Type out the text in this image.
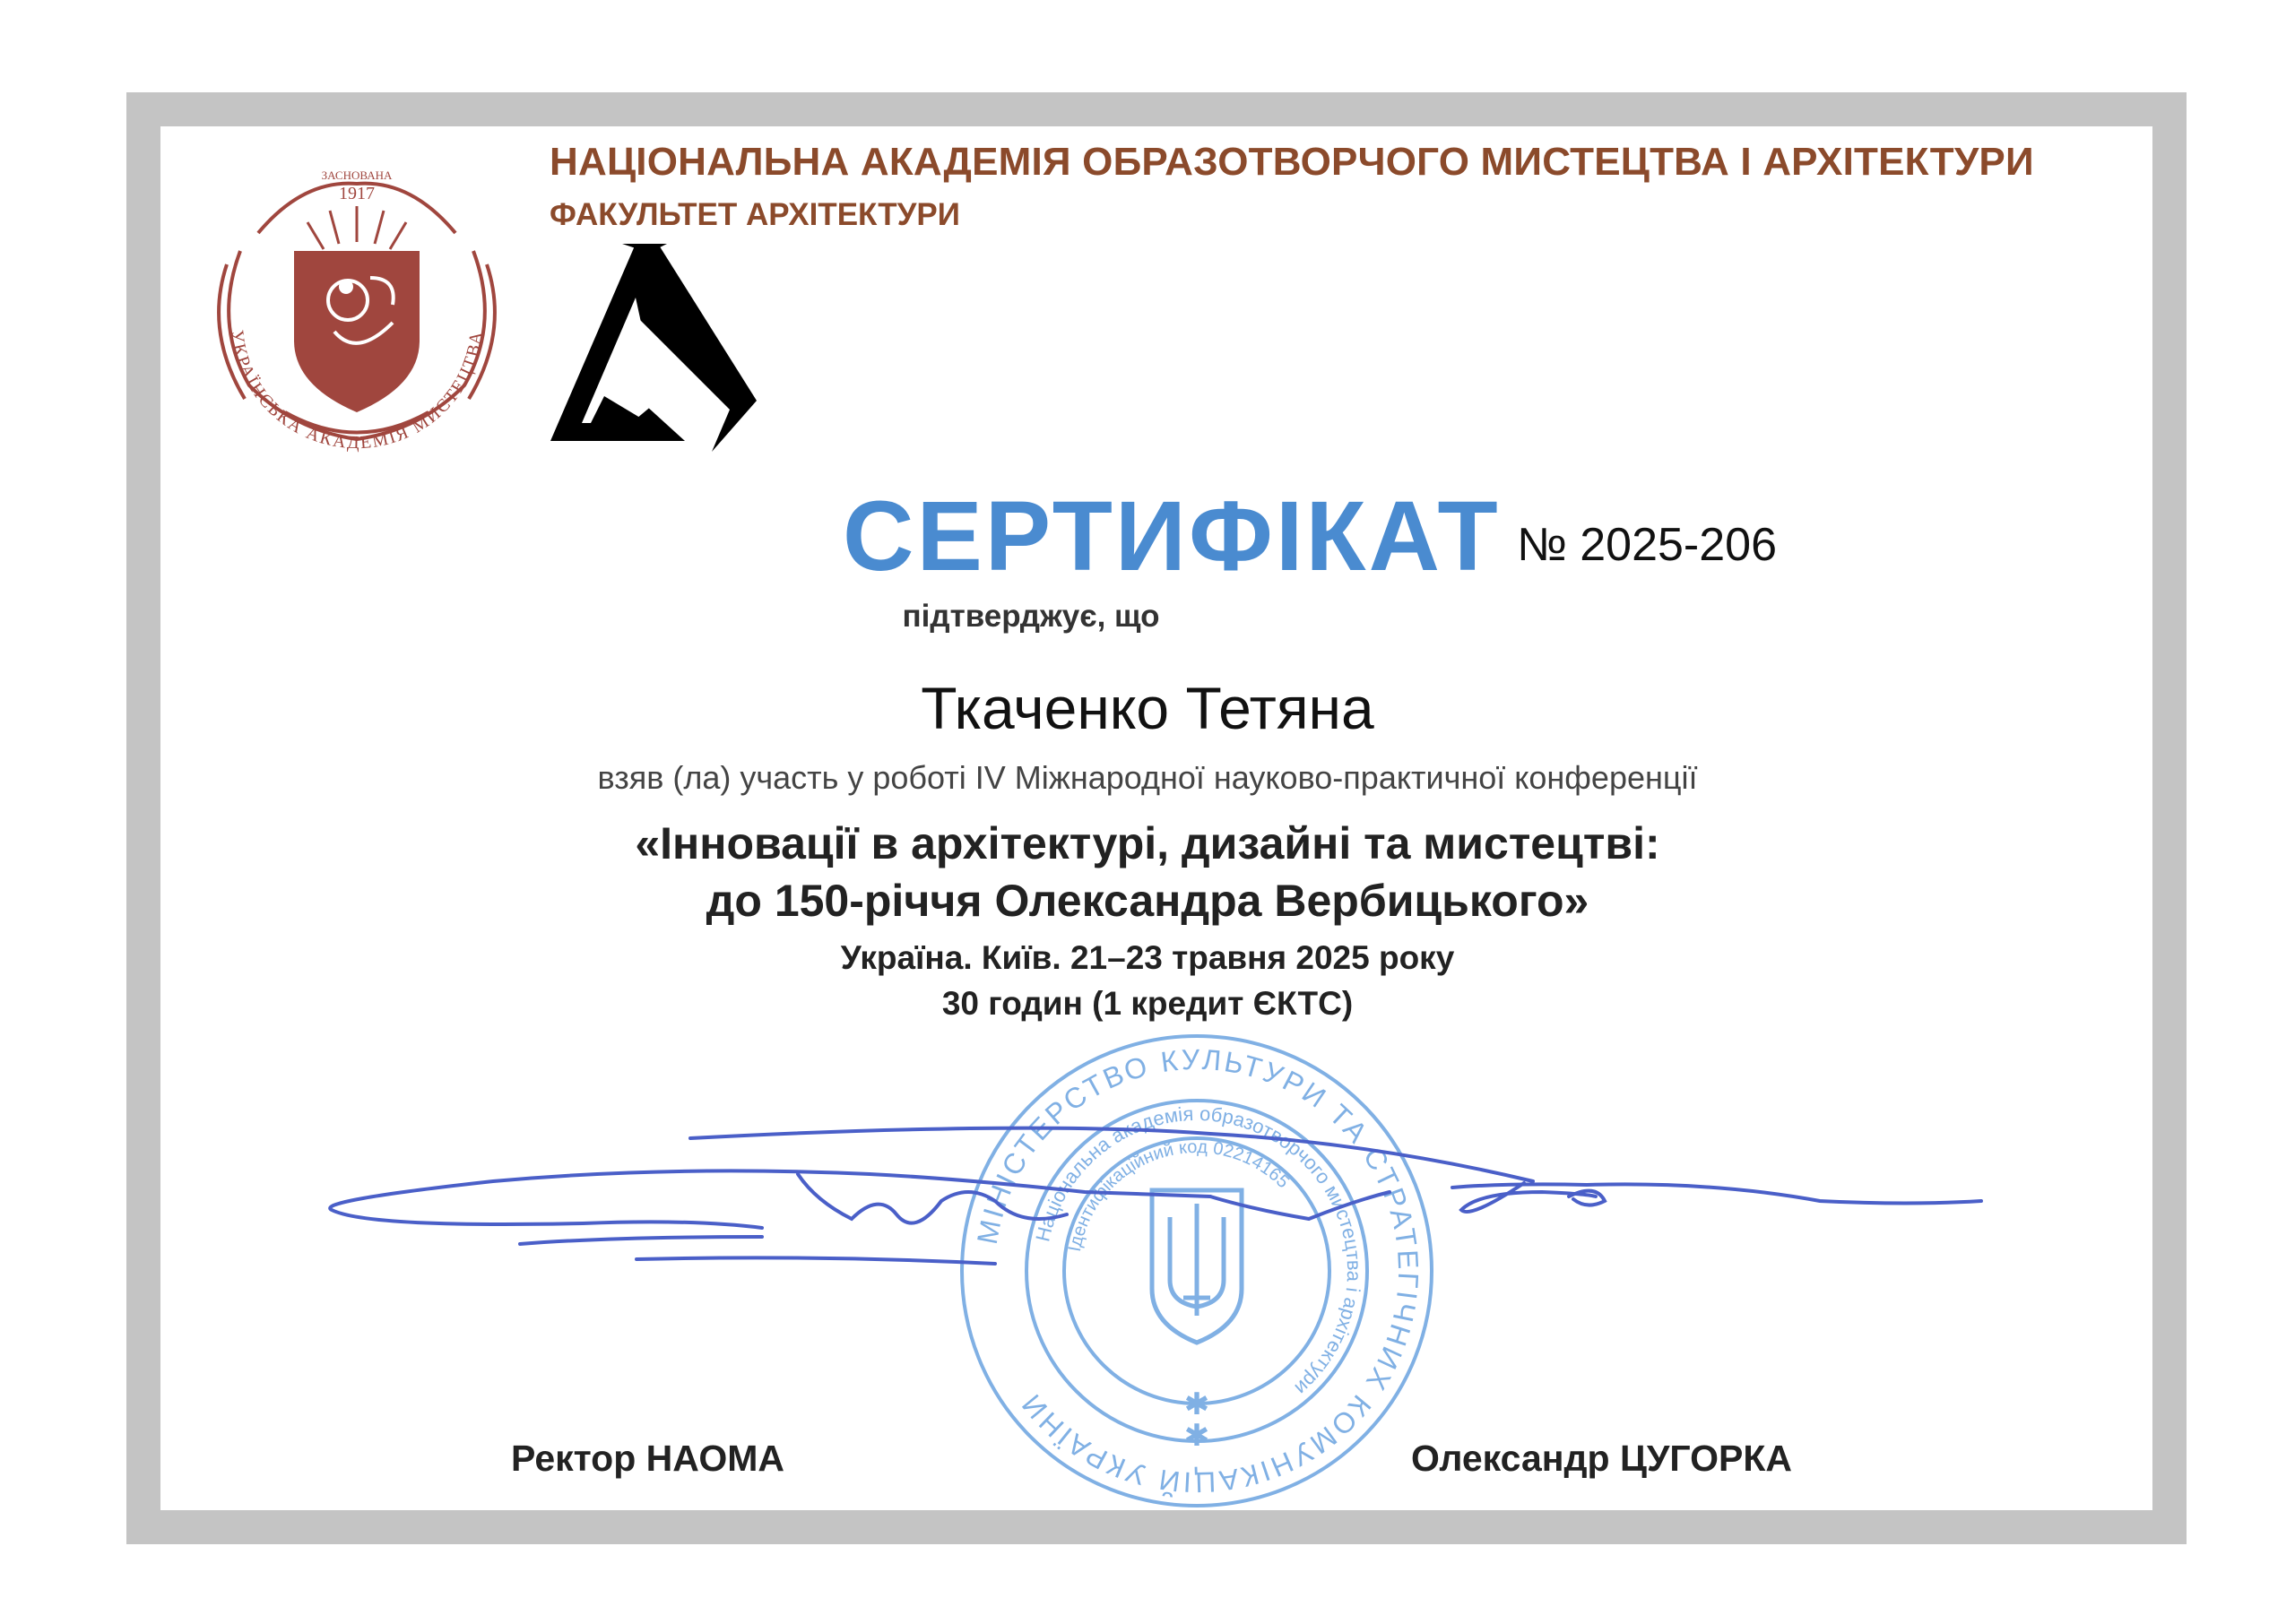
ЗАСНОВАНА
1917
УКРАЇНСЬКА АКАДЕМІЯ МИСТЕЦТВА
НАЦІОНАЛЬНА АКАДЕМІЯ ОБРАЗОТВОРЧОГО МИСТЕЦТВА І АРХІТЕКТУРИ
ФАКУЛЬТЕТ АРХІТЕКТУРИ
СЕРТИФІКАТ № 2025-206
підтверджує, що
Ткаченко Тетяна
взяв (ла) участь у роботі IV Міжнародної науково-практичної конференції
«Інновації в архітектурі, дизайні та мистецтві:
до 150-річчя Олександра Вербицького»
Україна. Київ. 21–23 травня 2025 року
30 годин (1 кредит ЄКТС)
МІНІСТЕРСТВО КУЛЬТУРИ ТА СТРАТЕГІЧНИХ КОМУНІКАЦІЙ УКРАЇНИ
Національна академія образотворчого мистецтва і архітектури
Ідентифікаційний код 02214165
✱
✱
Ректор НАОМА	Олександр ЦУГОРКА
